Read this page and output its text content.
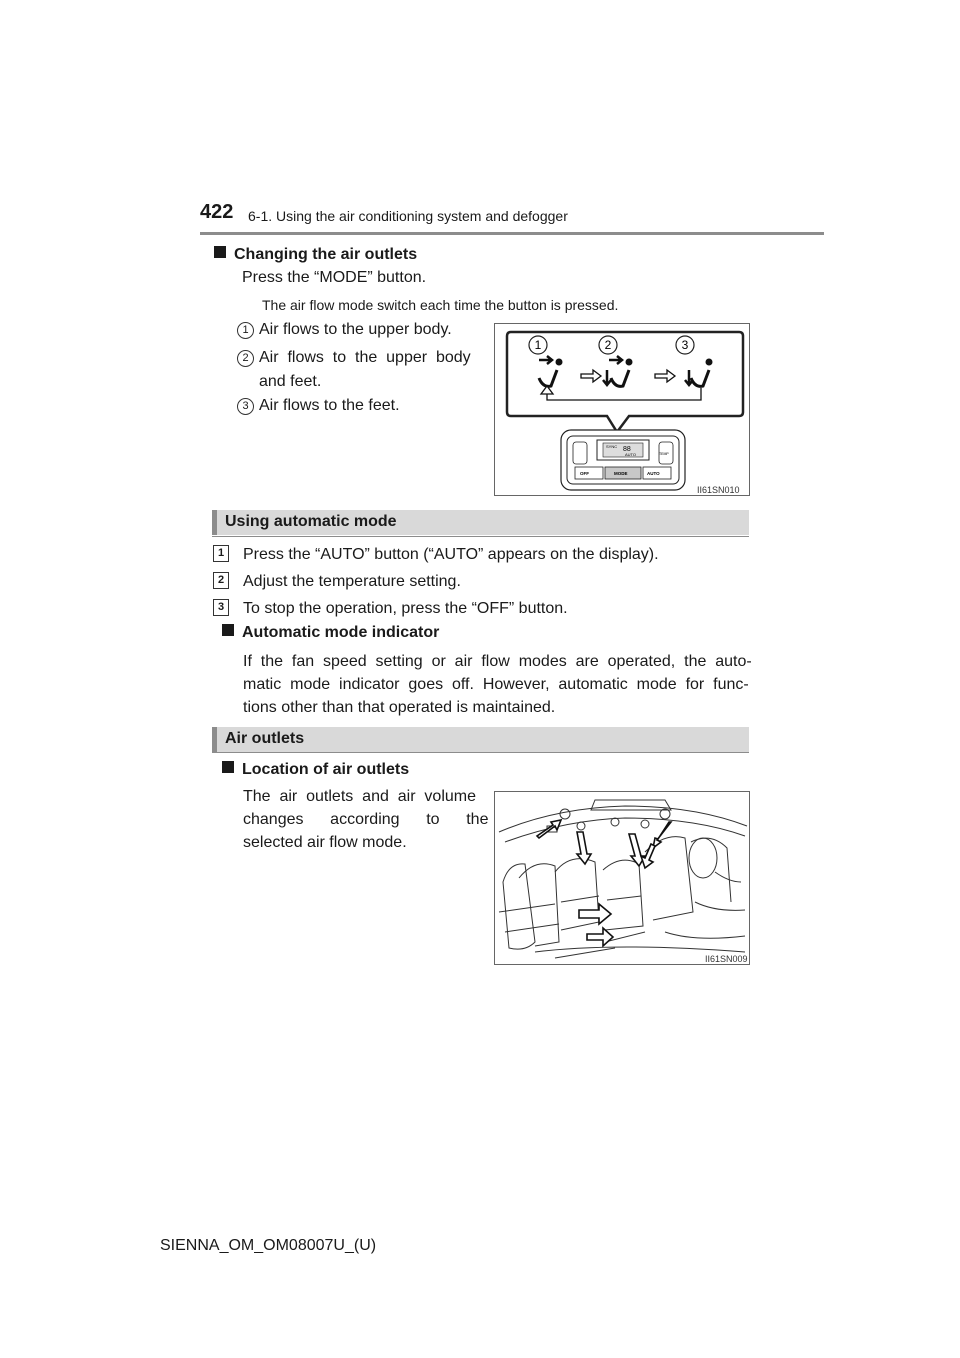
422 6-1. Using the air conditioning system and defogger
Changing the air outlets
Press the “MODE” button.
The air flow mode switch each time the button is pressed.
1 Air flows to the upper body.
2 Air  flows  to  the  upper  body
and feet.
3 Air flows to the feet.
1	2	3
SYNC 88
AUTO	TEMP
OFF	MODE	AUTO
II61SN010
Using automatic mode
1	Press the “AUTO” button (“AUTO” appears on the display).
2	Adjust the temperature setting.
3	To stop the operation, press the “OFF” button.
Automatic mode indicator
If  the  fan  speed  setting  or  air  flow  modes  are  operated,  the  auto-
matic  mode  indicator  goes  off.  However,  automatic  mode  for  func-
tions other than that operated is maintained.
Air outlets
Location of air outlets
The  air  outlets  and  air  volume
changes      according      to      the
selected air flow mode.
II61SN009
SIENNA_OM_OM08007U_(U)
